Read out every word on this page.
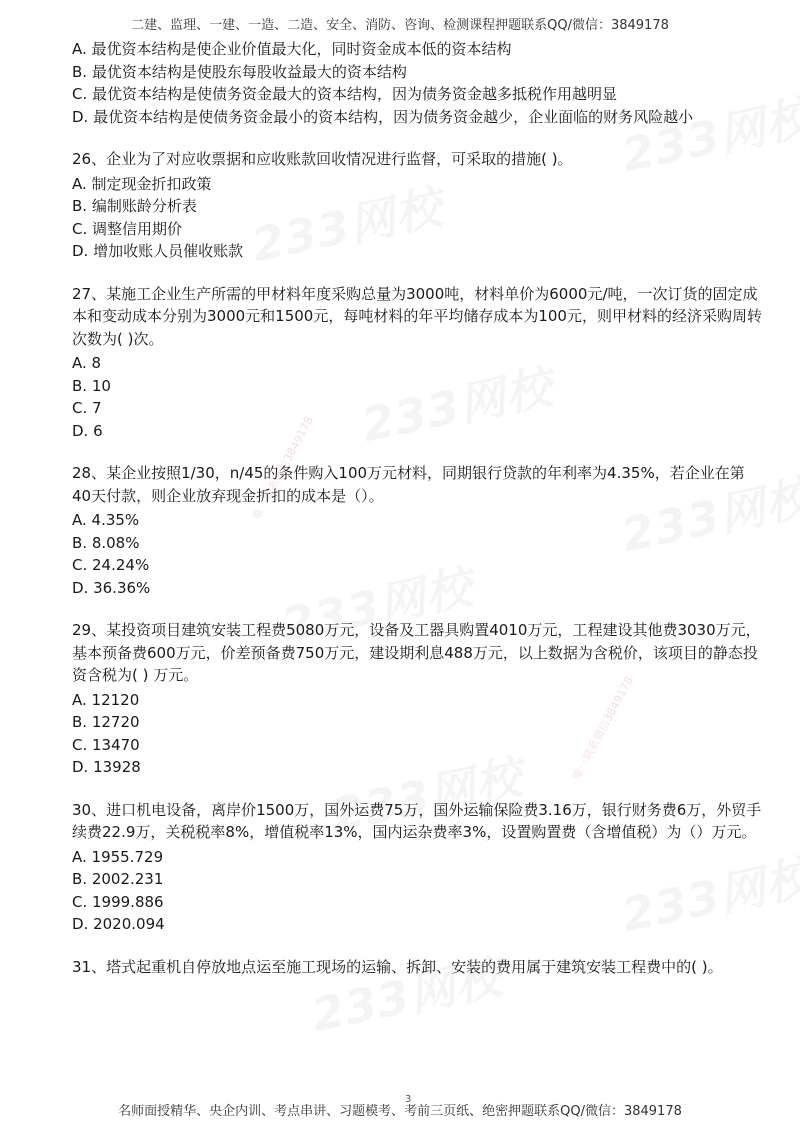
二建、监理、一建、一造、二造、安全、消防、咨询、检测课程押题联系QQ/微信：3849178
唯一联系微信3849178
唯一联系微信3849178

A. 最优资本结构是使企业价值最大化，同时资金成本低的资本结构

B. 最优资本结构是使股东每股收益最大的资本结构

C. 最优资本结构是使债务资金最大的资本结构，因为债务资金越多抵税作用越明显

D. 最优资本结构是使债务资金最小的资本结构，因为债务资金越少，企业面临的财务风险越小

26、企业为了对应收票据和应收账款回收情况进行监督，可采取的措施( )。

A. 制定现金折扣政策

B. 编制账龄分析表

C. 调整信用期价

D. 增加收账人员催收账款

27、某施工企业生产所需的甲材料年度采购总量为3000吨，材料单价为6000元/吨，一次订货的固定成本和变动成本分别为3000元和1500元，每吨材料的年平均储存成本为100元，则甲材料的经济采购周转次数为( )次。

A. 8

B. 10

C. 7

D. 6

28、某企业按照1/30，n/45的条件购入100万元材料，同期银行贷款的年利率为4.35%，若企业在第40天付款，则企业放弃现金折扣的成本是（）。

A. 4.35%

B. 8.08%

C. 24.24%

D. 36.36%

29、某投资项目建筑安装工程费5080万元，设备及工器具购置4010万元，工程建设其他费3030万元，基本预备费600万元，价差预备费750万元，建设期利息488万元，以上数据为含税价，该项目的静态投资含税为( ) 万元。

A. 12120

B. 12720

C. 13470

D. 13928

30、进口机电设备，离岸价1500万，国外运费75万，国外运输保险费3.16万，银行财务费6万，外贸手续费22.9万，关税税率8%，增值税率13%，国内运杂费率3%，设置购置费（含增值税）为（）万元。

A. 1955.729

B. 2002.231

C. 1999.886

D. 2020.094

31、塔式起重机自停放地点运至施工现场的运输、拆卸、安装的费用属于建筑安装工程费中的( )。

名师面授精华、央企内训、考点串讲、习题模考、考前三页纸、绝密押题联系QQ/微信：3849178
3
